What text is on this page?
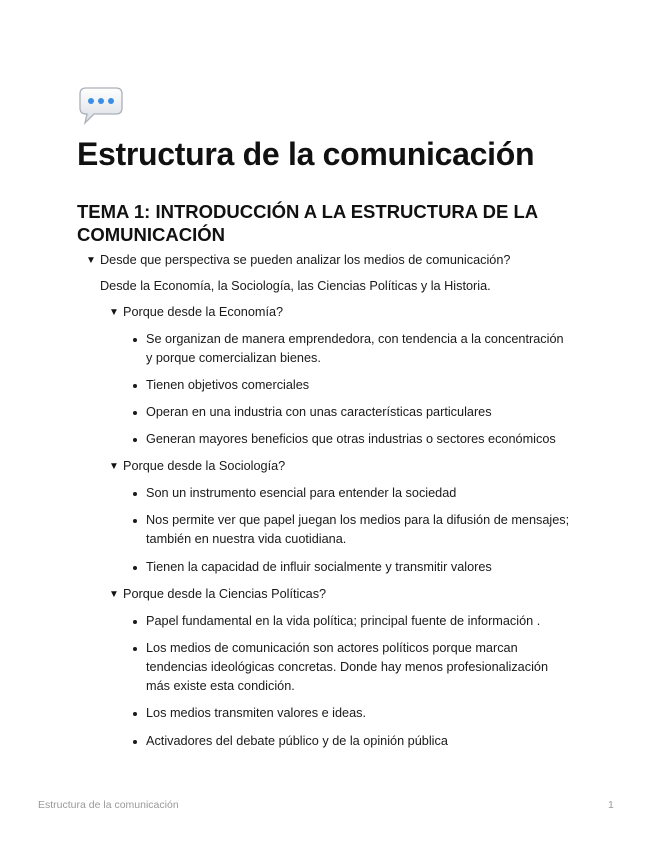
Estructura de la comunicación
TEMA 1: INTRODUCCIÓN A LA ESTRUCTURA DE LA COMUNICACIÓN
▼ Desde que perspectiva se pueden analizar los medios de comunicación?
Desde la Economía, la Sociología, las Ciencias Políticas y la Historia.
▼ Porque desde la Economía?
Se organizan de manera emprendedora, con tendencia a la concentración
y porque comercializan bienes.
Tienen objetivos comerciales
Operan en una industria con unas características particulares
Generan mayores beneficios que otras industrias o sectores económicos
▼ Porque desde la Sociología?
Son un instrumento esencial para entender la sociedad
Nos permite ver que papel juegan los medios para la difusión de mensajes;
también en nuestra vida cuotidiana.
Tienen la capacidad de influir socialmente y transmitir valores
▼ Porque desde la Ciencias Políticas?
Papel fundamental en la vida política; principal fuente de información .
Los medios de comunicación son actores políticos porque marcan
tendencias ideológicas concretas. Donde hay menos profesionalización
más existe esta condición.
Los medios transmiten valores e ideas.
Activadores del debate público y de la opinión pública
Estructura de la comunicación	1
